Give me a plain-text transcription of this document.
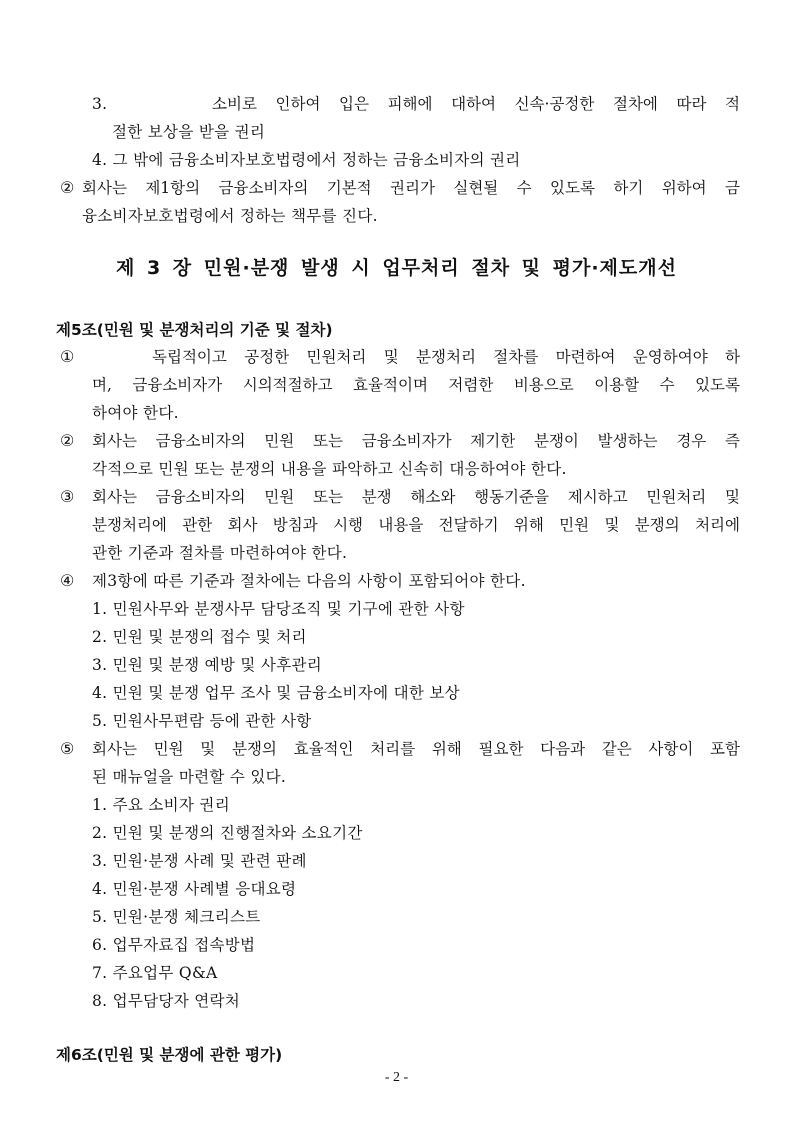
3.	소비로 인하여 입은 피해에 대하여 신속·공정한 절차에 따라 적
절한 보상을 받을 권리
4. 그 밖에 금융소비자보호법령에서 정하는 금융소비자의 권리
② 회사는 제1항의 금융소비자의 기본적 권리가 실현될 수 있도록 하기 위하여 금
융소비자보호법령에서 정하는 책무를 진다.
제 3 장 민원·분쟁 발생 시 업무처리 절차 및 평가·제도개선
제5조(민원 및 분쟁처리의 기준 및 절차)
①	독립적이고 공정한 민원처리 및 분쟁처리 절차를 마련하여 운영하여야 하
며, 금융소비자가 시의적절하고 효율적이며 저렴한 비용으로 이용할 수 있도록
하여야 한다.
② 회사는 금융소비자의 민원 또는 금융소비자가 제기한 분쟁이 발생하는 경우 즉
각적으로 민원 또는 분쟁의 내용을 파악하고 신속히 대응하여야 한다.
③ 회사는 금융소비자의 민원 또는 분쟁 해소와 행동기준을 제시하고 민원처리 및
분쟁처리에 관한 회사 방침과 시행 내용을 전달하기 위해 민원 및 분쟁의 처리에
관한 기준과 절차를 마련하여야 한다.
④ 제3항에 따른 기준과 절차에는 다음의 사항이 포함되어야 한다.
1. 민원사무와 분쟁사무 담당조직 및 기구에 관한 사항
2. 민원 및 분쟁의 접수 및 처리
3. 민원 및 분쟁 예방 및 사후관리
4. 민원 및 분쟁 업무 조사 및 금융소비자에 대한 보상
5. 민원사무편람 등에 관한 사항
⑤ 회사는 민원 및 분쟁의 효율적인 처리를 위해 필요한 다음과 같은 사항이 포함
된 매뉴얼을 마련할 수 있다.
1. 주요 소비자 권리
2. 민원 및 분쟁의 진행절차와 소요기간
3. 민원·분쟁 사례 및 관련 판례
4. 민원·분쟁 사례별 응대요령
5. 민원·분쟁 체크리스트
6. 업무자료집 접속방법
7. 주요업무 Q&A
8. 업무담당자 연락처
제6조(민원 및 분쟁에 관한 평가)
- 2 -
